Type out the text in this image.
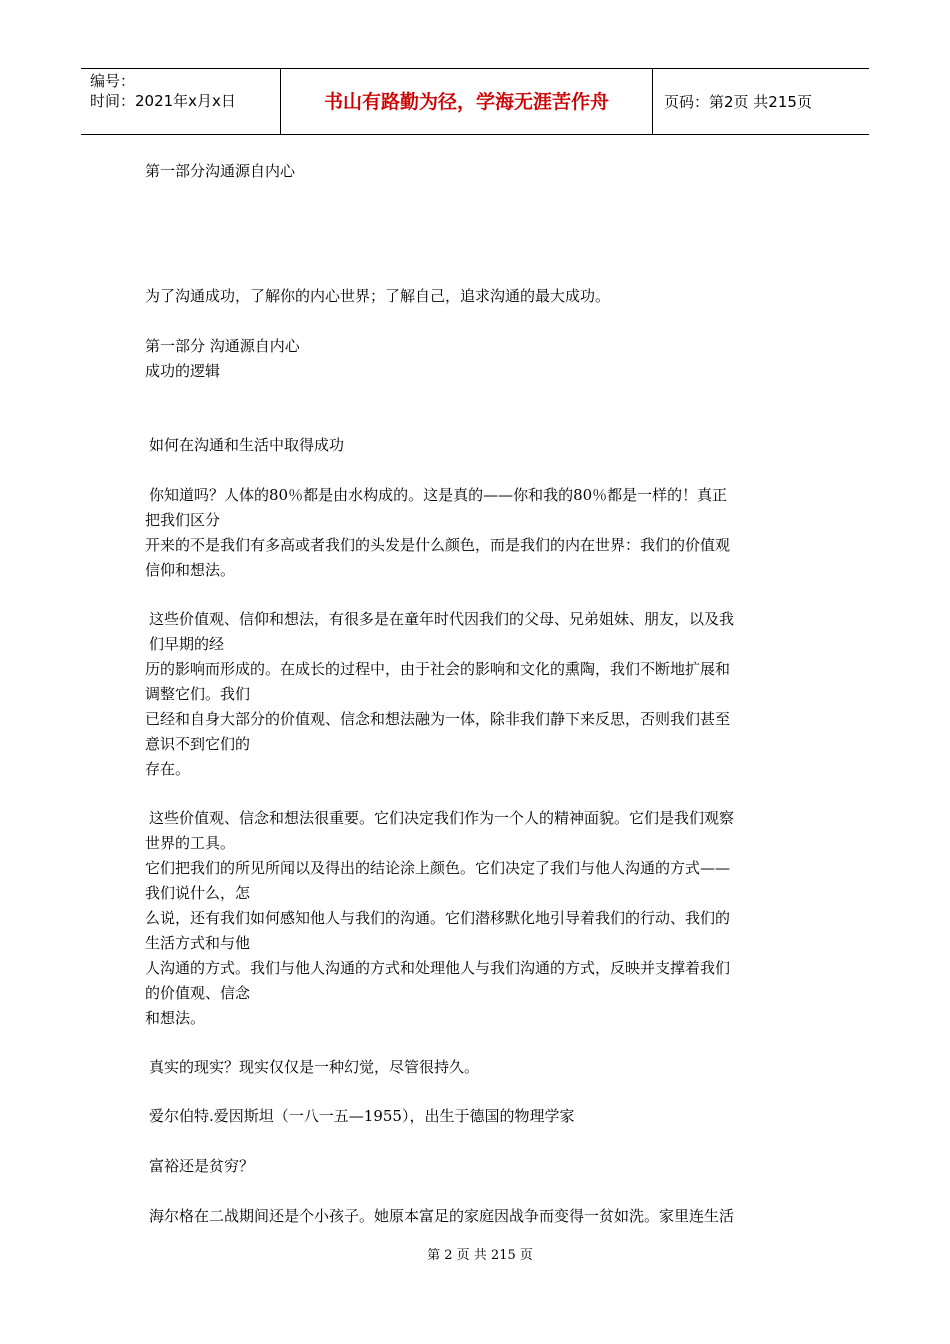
编号：
时间：2021年x月x日	书山有路勤为径，学海无涯苦作舟	页码：第2页 共215页
第一部分沟通源自内心
为了沟通成功，了解你的内心世界；了解自己，追求沟通的最大成功。
第一部分 沟通源自内心
成功的逻辑
如何在沟通和生活中取得成功
你知道吗？人体的80％都是由水构成的。这是真的——你和我的80％都是一样的！真正
把我们区分
开来的不是我们有多高或者我们的头发是什么颜色，而是我们的内在世界：我们的价值观
信仰和想法。
这些价值观、信仰和想法，有很多是在童年时代因我们的父母、兄弟姐妹、朋友，以及我
们早期的经
历的影响而形成的。在成长的过程中，由于社会的影响和文化的熏陶，我们不断地扩展和
调整它们。我们
已经和自身大部分的价值观、信念和想法融为一体，除非我们静下来反思，否则我们甚至
意识不到它们的
存在。
这些价值观、信念和想法很重要。它们决定我们作为一个人的精神面貌。它们是我们观察
世界的工具。
它们把我们的所见所闻以及得出的结论涂上颜色。它们决定了我们与他人沟通的方式——
我们说什么，怎
么说，还有我们如何感知他人与我们的沟通。它们潜移默化地引导着我们的行动、我们的
生活方式和与他
人沟通的方式。我们与他人沟通的方式和处理他人与我们沟通的方式，反映并支撑着我们
的价值观、信念
和想法。
真实的现实？现实仅仅是一种幻觉，尽管很持久。
爱尔伯特.爱因斯坦（一八一五—1955），出生于德国的物理学家
富裕还是贫穷？
海尔格在二战期间还是个小孩子。她原本富足的家庭因战争而变得一贫如洗。家里连生活
第 2 页 共 215 页
